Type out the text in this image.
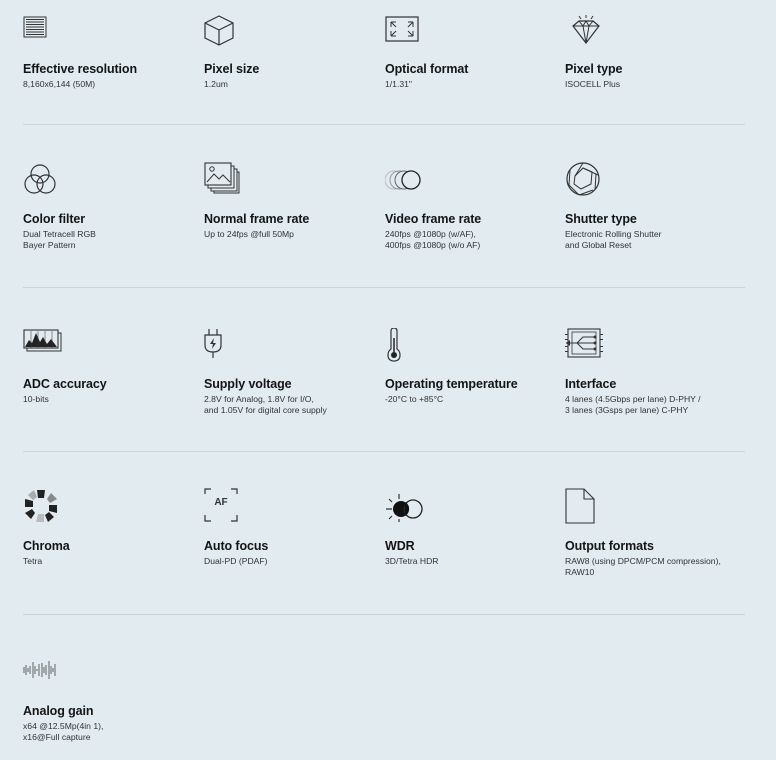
Effective resolution
8,160x6,144 (50M)
Pixel size
1.2um
Optical format
1/1.31"
Pixel type
ISOCELL Plus
Color filter
Dual Tetracell RGB
Bayer Pattern
Normal frame rate
Up to 24fps @full 50Mp
Video frame rate
240fps @1080p (w/AF),
400fps @1080p (w/o AF)
Shutter type
Electronic Rolling Shutter
and Global Reset
ADC accuracy
10-bits
Supply voltage
2.8V for Analog, 1.8V for I/O,
and 1.05V for digital core supply
Operating temperature
-20°C to +85°C
Interface
4 lanes (4.5Gbps per lane) D-PHY /
3 lanes (3Gsps per lane) C-PHY
Chroma
Tetra
AF
Auto focus
Dual-PD (PDAF)
WDR
3D/Tetra HDR
Output formats
RAW8 (using DPCM/PCM compression),
RAW10
Analog gain
x64 @12.5Mp(4in 1),
x16@Full capture
